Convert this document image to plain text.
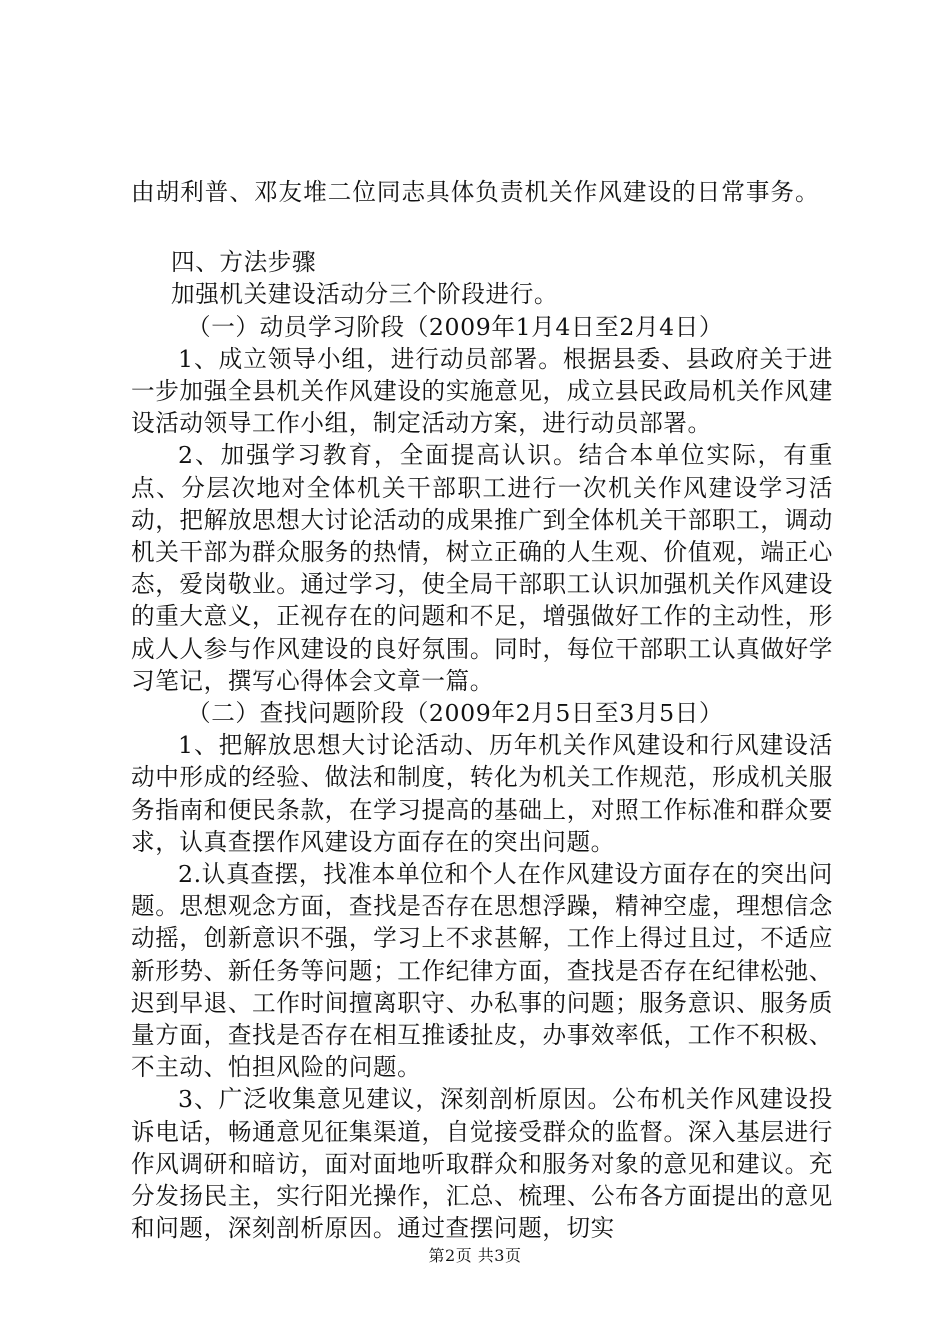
由胡利普、邓友堆二位同志具体负责机关作风建设的日常事务。

四、方法步骤

加强机关建设活动分三个阶段进行。

（一）动员学习阶段（2009年1月4日至2月4日）

1、成立领导小组，进行动员部署。根据县委、县政府关于进一步加强全县机关作风建设的实施意见，成立县民政局机关作风建设活动领导工作小组，制定活动方案，进行动员部署。

2、加强学习教育，全面提高认识。结合本单位实际，有重点、分层次地对全体机关干部职工进行一次机关作风建设学习活动，把解放思想大讨论活动的成果推广到全体机关干部职工，调动机关干部为群众服务的热情，树立正确的人生观、价值观，端正心态，爱岗敬业。通过学习，使全局干部职工认识加强机关作风建设的重大意义，正视存在的问题和不足，增强做好工作的主动性，形成人人参与作风建设的良好氛围。同时，每位干部职工认真做好学习笔记，撰写心得体会文章一篇。

（二）查找问题阶段（2009年2月5日至3月5日）

1、把解放思想大讨论活动、历年机关作风建设和行风建设活动中形成的经验、做法和制度，转化为机关工作规范，形成机关服务指南和便民条款，在学习提高的基础上，对照工作标准和群众要求，认真查摆作风建设方面存在的突出问题。

2.认真查摆，找准本单位和个人在作风建设方面存在的突出问题。思想观念方面，查找是否存在思想浮躁，精神空虚，理想信念动摇，创新意识不强，学习上不求甚解，工作上得过且过，不适应新形势、新任务等问题；工作纪律方面，查找是否存在纪律松弛、迟到早退、工作时间擅离职守、办私事的问题；服务意识、服务质量方面，查找是否存在相互推诿扯皮，办事效率低，工作不积极、不主动、怕担风险的问题。

3、广泛收集意见建议，深刻剖析原因。公布机关作风建设投诉电话，畅通意见征集渠道，自觉接受群众的监督。深入基层进行作风调研和暗访，面对面地听取群众和服务对象的意见和建议。充分发扬民主，实行阳光操作，汇总、梳理、公布各方面提出的意见和问题，深刻剖析原因。通过查摆问题，切实

第2页 共3页
